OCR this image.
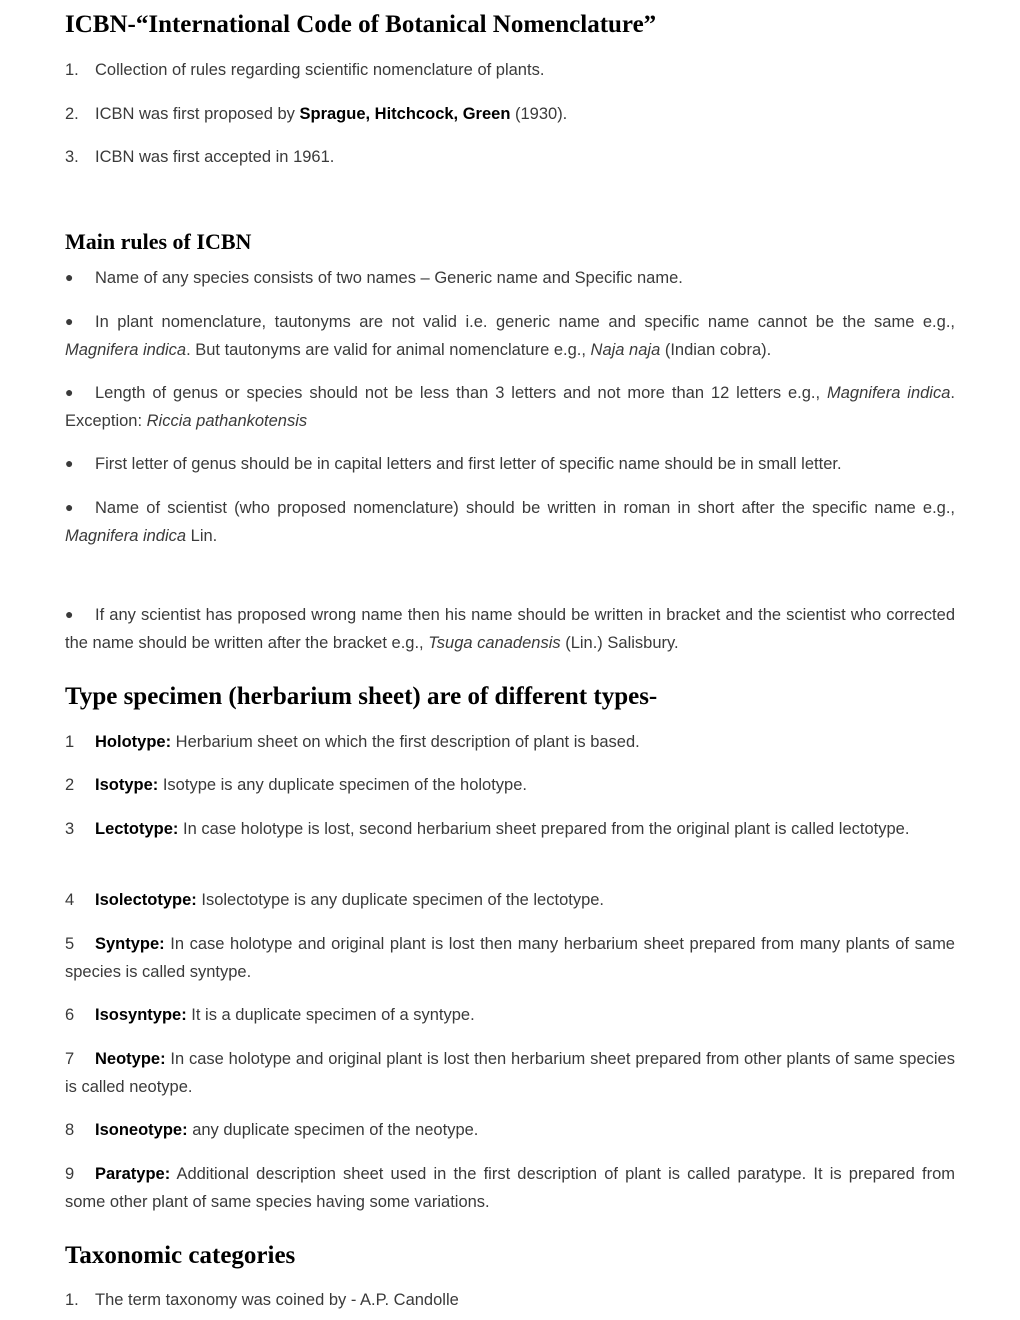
ICBN-“International Code of Botanical Nomenclature”
1. Collection of rules regarding scientific nomenclature of plants.
2. ICBN was first proposed by Sprague, Hitchcock, Green (1930).
3. ICBN was first accepted in 1961.
Main rules of ICBN
● Name of any species consists of two names – Generic name and Specific name.
● In plant nomenclature, tautonyms are not valid i.e. generic name and specific name cannot be the same e.g., Magnifera indica. But tautonyms are valid for animal nomenclature e.g., Naja naja (Indian cobra).
● Length of genus or species should not be less than 3 letters and not more than 12 letters e.g., Magnifera indica. Exception: Riccia pathankotensis
● First letter of genus should be in capital letters and first letter of specific name should be in small letter.
● Name of scientist (who proposed nomenclature) should be written in roman in short after the specific name e.g., Magnifera indica Lin.
● If any scientist has proposed wrong name then his name should be written in bracket and the scientist who corrected the name should be written after the bracket e.g., Tsuga canadensis (Lin.) Salisbury.
Type specimen (herbarium sheet) are of different types-
1 Holotype: Herbarium sheet on which the first description of plant is based.
2 Isotype: Isotype is any duplicate specimen of the holotype.
3 Lectotype: In case holotype is lost, second herbarium sheet prepared from the original plant is called lectotype.
4 Isolectotype: Isolectotype is any duplicate specimen of the lectotype.
5 Syntype: In case holotype and original plant is lost then many herbarium sheet prepared from many plants of same species is called syntype.
6 Isosyntype: It is a duplicate specimen of a syntype.
7 Neotype: In case holotype and original plant is lost then herbarium sheet prepared from other plants of same species is called neotype.
8 Isoneotype: any duplicate specimen of the neotype.
9 Paratype: Additional description sheet used in the first description of plant is called paratype. It is prepared from some other plant of same species having some variations.
Taxonomic categories
1. The term taxonomy was coined by - A.P. Candolle
